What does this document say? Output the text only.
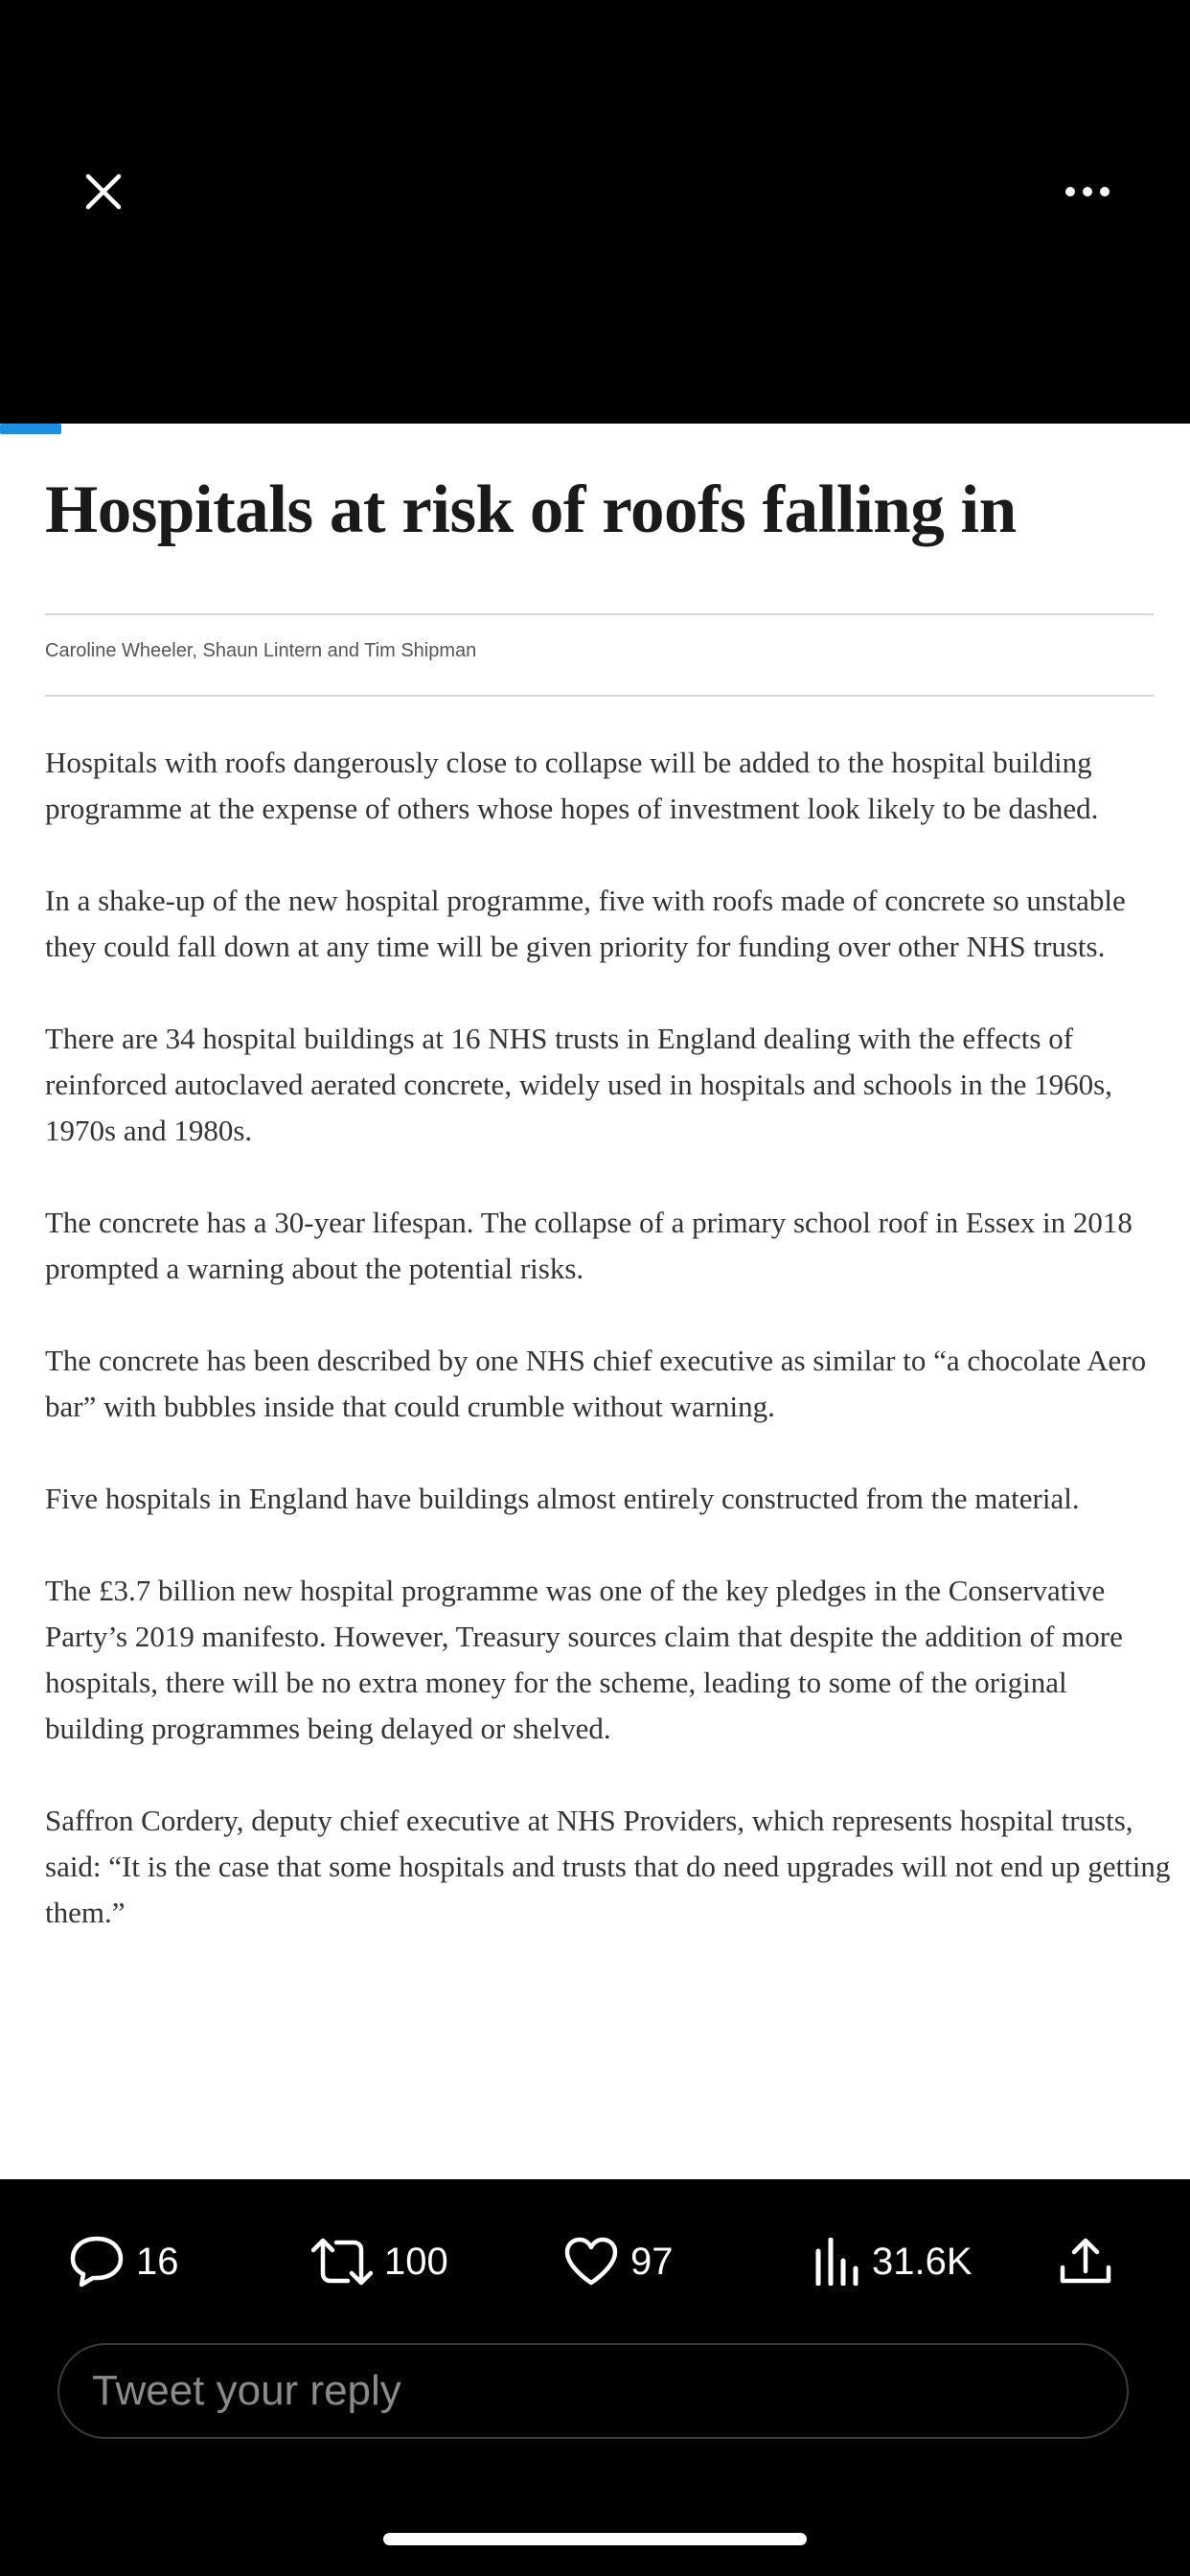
Hospitals at risk of roofs falling in
Caroline Wheeler, Shaun Lintern and Tim Shipman

Hospitals with roofs dangerously close to collapse will be added to the hospital building programme at the expense of others whose hopes of investment look likely to be dashed.

In a shake-up of the new hospital programme, five with roofs made of concrete so unstable they could fall down at any time will be given priority for funding over other NHS trusts.

There are 34 hospital buildings at 16 NHS trusts in England dealing with the effects of reinforced autoclaved aerated concrete, widely used in hospitals and schools in the 1960s, 1970s and 1980s.

The concrete has a 30-year lifespan. The collapse of a primary school roof in Essex in 2018 prompted a warning about the potential risks.

The concrete has been described by one NHS chief executive as similar to “a chocolate Aero bar” with bubbles inside that could crumble without warning.

Five hospitals in England have buildings almost entirely constructed from the material.

The £3.7 billion new hospital programme was one of the key pledges in the Conservative Party’s 2019 manifesto. However, Treasury sources claim that despite the addition of more hospitals, there will be no extra money for the scheme, leading to some of the original building programmes being delayed or shelved.

Saffron Cordery, deputy chief executive at NHS Providers, which represents hospital trusts, said: “It is the case that some hospitals and trusts that do need upgrades will not end up getting them.”

16	100	97	31.6K
Tweet your reply
